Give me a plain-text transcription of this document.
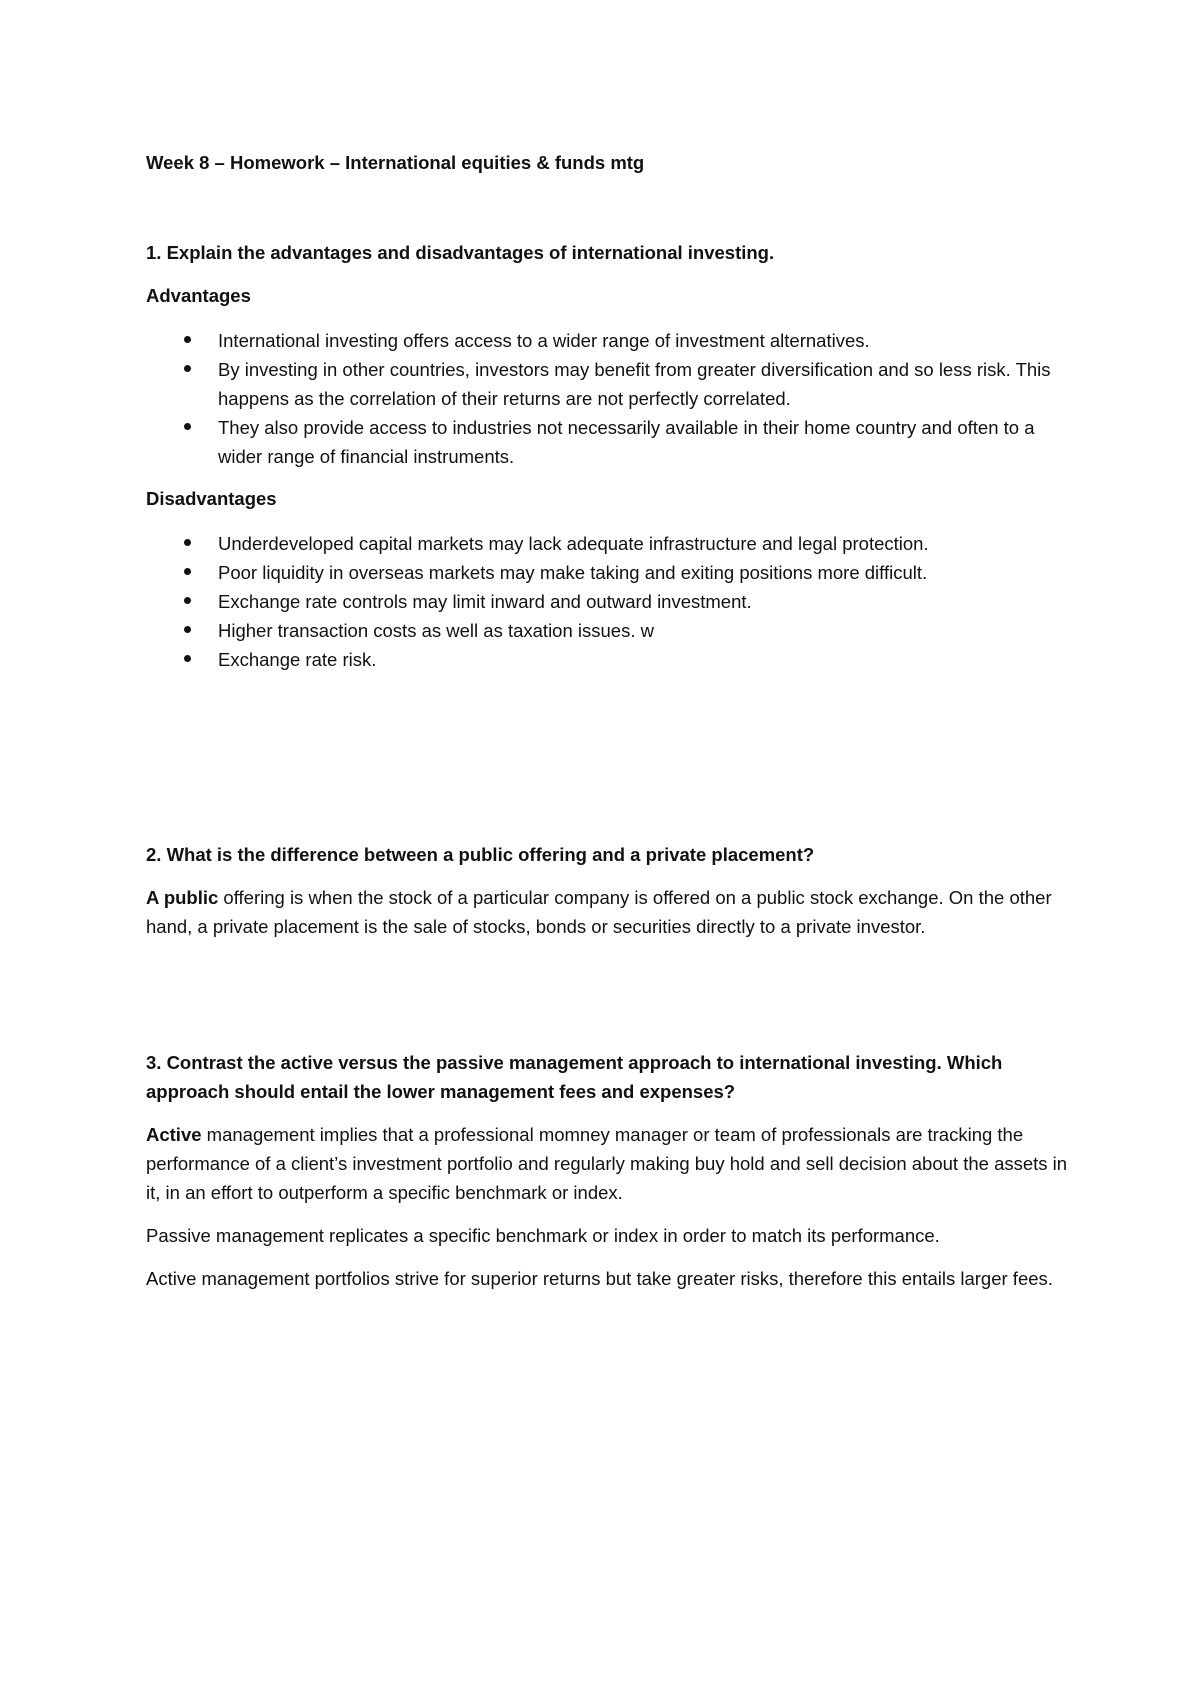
Week 8 – Homework – International equities & funds mtg

1. Explain the advantages and disadvantages of international investing.

Advantages

International investing offers access to a wider range of investment alternatives.
By investing in other countries, investors may benefit from greater diversification and so less risk. This happens as the correlation of their returns are not perfectly correlated.
They also provide access to industries not necessarily available in their home country and often to a wider range of financial instruments.

Disadvantages

Underdeveloped capital markets may lack adequate infrastructure and legal protection.
Poor liquidity in overseas markets may make taking and exiting positions more difficult.
Exchange rate controls may limit inward and outward investment.
Higher transaction costs as well as taxation issues. w
Exchange rate risk.

2. What is the difference between a public offering and a private placement?

A public offering is when the stock of a particular company is offered on a public stock exchange. On the other hand, a private placement is the sale of stocks, bonds or securities directly to a private investor.

3. Contrast the active versus the passive management approach to international investing. Which approach should entail the lower management fees and expenses?

Active management implies that a professional momney manager or team of professionals are tracking the performance of a client’s investment portfolio and regularly making buy hold and sell decision about the assets in it, in an effort to outperform a specific benchmark or index.

Passive management replicates a specific benchmark or index in order to match its performance.

Active management portfolios strive for superior returns but take greater risks, therefore this entails larger fees.
